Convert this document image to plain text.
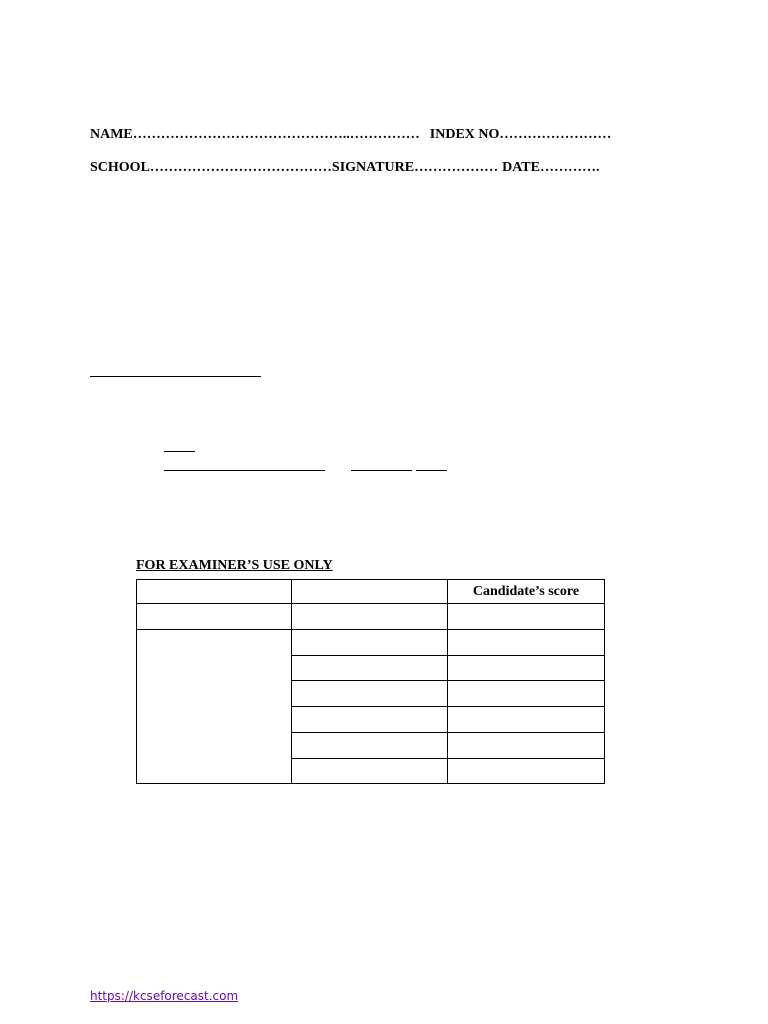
NAME………………………………………..…………… INDEX NO……………………
SCHOOL…………………………………SIGNATURE……………… DATE………….
FOR EXAMINER’S USE ONLY
		Candidate’s score

https://kcseforecast.com
